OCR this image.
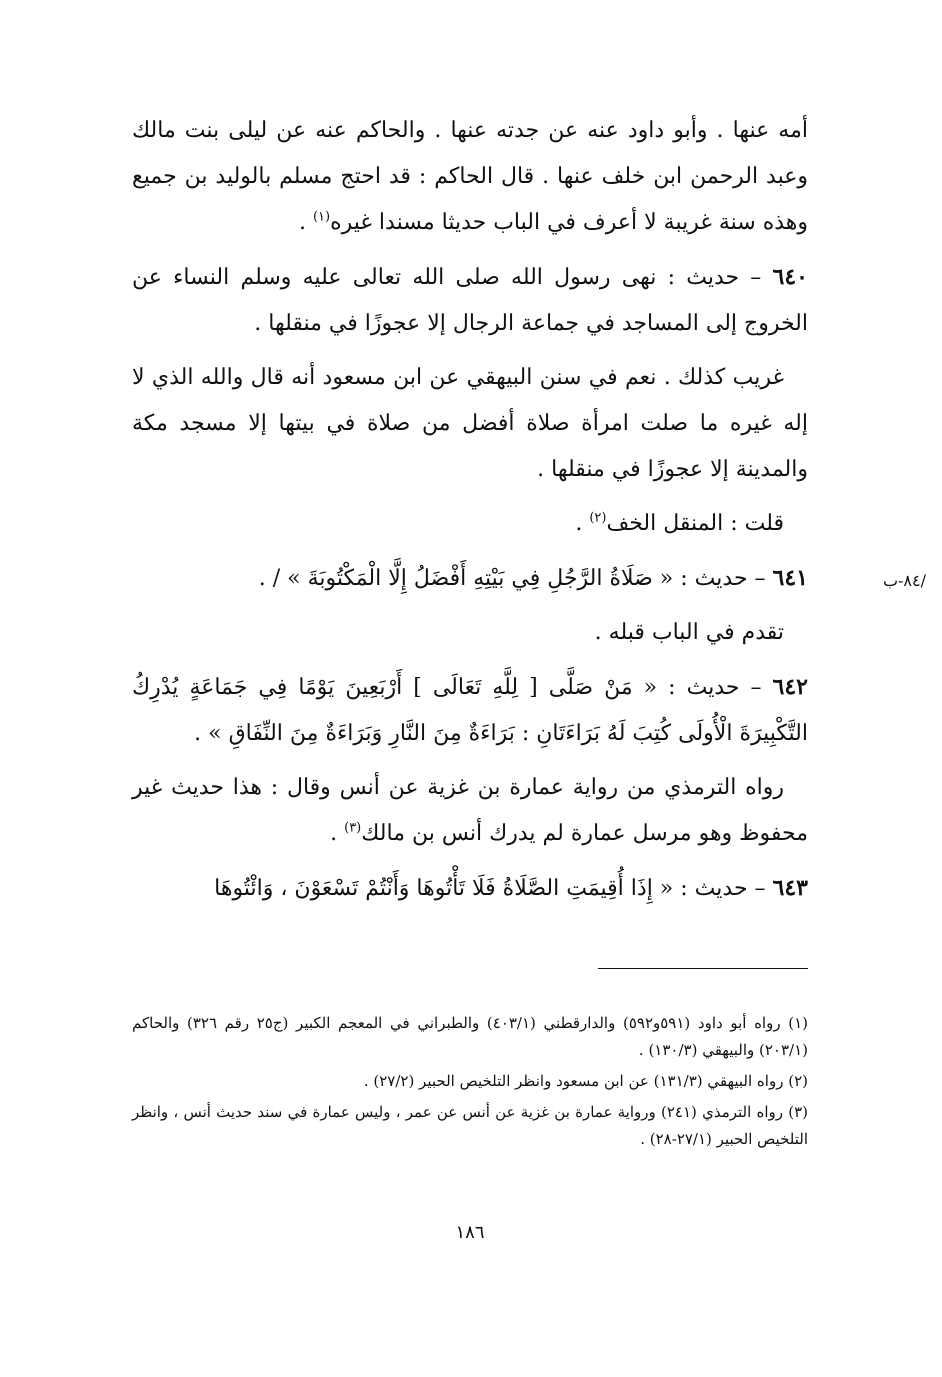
أمه عنها . وأبو داود عنه عن جدته عنها . والحاكم عنه عن ليلى بنت مالك وعبد الرحمن ابن خلف عنها . قال الحاكم : قد احتج مسلم بالوليد بن جميع وهذه سنة غريبة لا أعرف في الباب حديثا مسندا غيره$^{(١)}$ .

٦٤٠ – حديث : نهى رسول الله صلى الله تعالى عليه وسلم النساء عن الخروج إلى المساجد في جماعة الرجال إلا عجوزًا في منقلها .

غريب كذلك . نعم في سنن البيهقي عن ابن مسعود أنه قال والله الذي لا إله غيره ما صلت امرأة صلاة أفضل من صلاة في بيتها إلا مسجد مكة والمدينة إلا عجوزًا في منقلها .

قلت : المنقل الخف$^{(٢)}$ .

٦٤١ – حديث : « صَلَاةُ الرَّجُلِ فِي بَيْتِهِ أَفْضَلُ إِلَّا الْمَكْتُوبَةَ » / .

تقدم في الباب قبله .

٦٤٢ – حديث : « مَنْ صَلَّى [ لِلَّهِ تَعَالَى ] أَرْبَعِينَ يَوْمًا فِي جَمَاعَةٍ يُدْرِكُ التَّكْبِيرَةَ الْأُولَى كُتِبَ لَهُ بَرَاءَتَانِ : بَرَاءَةٌ مِنَ النَّارِ وَبَرَاءَةٌ مِنَ النِّفَاقِ » .

رواه الترمذي من رواية عمارة بن غزية عن أنس وقال : هذا حديث غير محفوظ وهو مرسل عمارة لم يدرك أنس بن مالك$^{(٣)}$ .

٦٤٣ – حديث : « إِذَا أُقِيمَتِ الصَّلَاةُ فَلَا تَأْتُوهَا وَأَنْتُمْ تَسْعَوْنَ ، وَائْتُوهَا

/٨٤-ب

(١) رواه أبو داود (٥٩١و٥٩٢) والدارقطني (٤٠٣/١) والطبراني في المعجم الكبير (ج٢٥ رقم ٣٢٦) والحاكم (٢٠٣/١) والبيهقي (١٣٠/٣) .

(٢) رواه البيهقي (١٣١/٣) عن ابن مسعود وانظر التلخيص الحبير (٢٧/٢) .

(٣) رواه الترمذي (٢٤١) ورواية عمارة بن غزية عن أنس عن عمر ، وليس عمارة في سند حديث أنس ، وانظر التلخيص الحبير (٢٧/١-٢٨) .

١٨٦
